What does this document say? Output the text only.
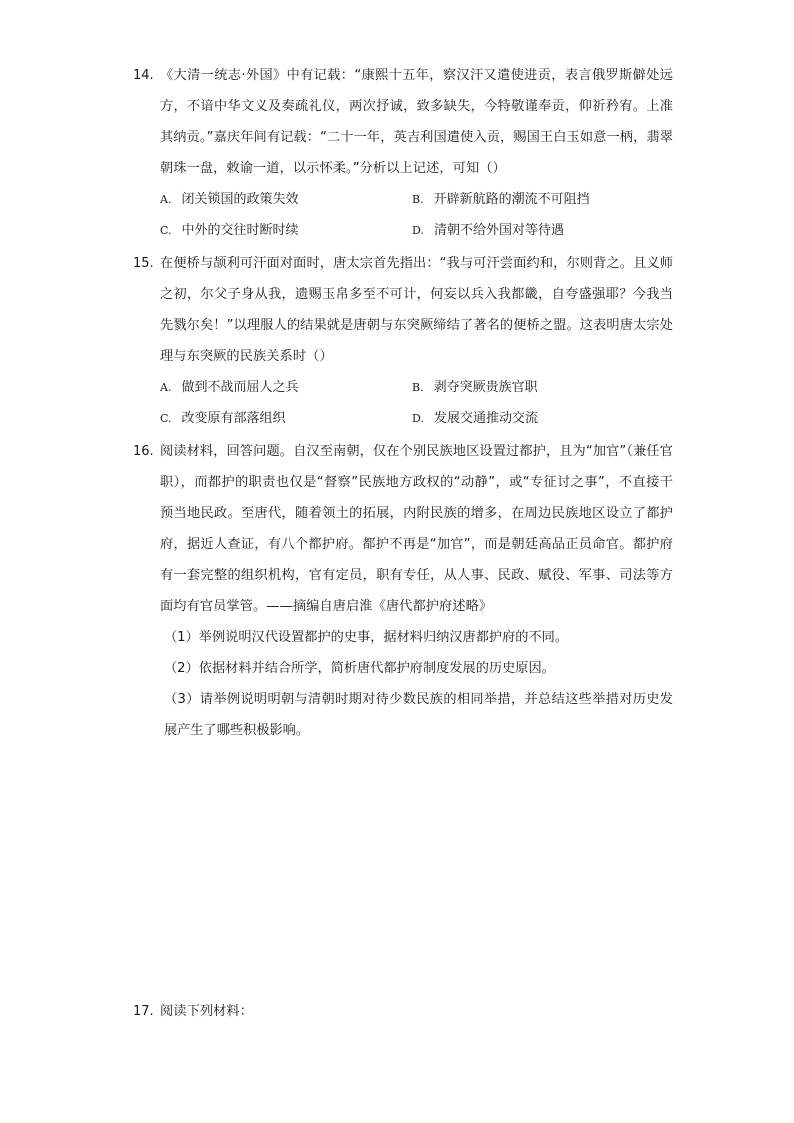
14. 《大清一统志·外国》中有记载：“康熙十五年，察汉汗又遣使进贡，表言俄罗斯僻处远方，不谙中华文义及奏疏礼仪，两次抒诚，致多缺失，今特敬谨奉贡，仰祈矜宥。上准其纳贡。”嘉庆年间有记载：“二十一年，英吉利国遣使入贡，赐国王白玉如意一柄，翡翠朝珠一盘，敕谕一道，以示怀柔。”分析以上记述，可知（）
A. 闭关锁国的政策失效	B. 开辟新航路的潮流不可阻挡
C. 中外的交往时断时续	D. 清朝不给外国对等待遇
15. 在便桥与颉利可汗面对面时，唐太宗首先指出：“我与可汗尝面约和，尔则背之。且义师之初，尔父子身从我，遗赐玉帛多至不可计，何妄以兵入我都畿，自夸盛强耶？今我当先戮尔矣！”以理服人的结果就是唐朝与东突厥缔结了著名的便桥之盟。这表明唐太宗处理与东突厥的民族关系时（）
A. 做到不战而屈人之兵	B. 剥夺突厥贵族官职
C. 改变原有部落组织	D. 发展交通推动交流
16. 阅读材料，回答问题。自汉至南朝，仅在个别民族地区设置过都护，且为“加官”（兼任官职），而都护的职责也仅是“督察”民族地方政权的“动静”，或“专征讨之事”，不直接干预当地民政。至唐代，随着领土的拓展，内附民族的增多，在周边民族地区设立了都护府，据近人查证，有八个都护府。都护不再是“加官”，而是朝廷高品正员命官。都护府有一套完整的组织机构，官有定员，职有专任，从人事、民政、赋役、军事、司法等方面均有官员掌管。——摘编自唐启淮《唐代都护府述略》
（1）举例说明汉代设置都护的史事，据材料归纳汉唐都护府的不同。
（2）依据材料并结合所学，简析唐代都护府制度发展的历史原因。
（3）请举例说明明朝与清朝时期对待少数民族的相同举措，并总结这些举措对历史发展产生了哪些积极影响。
17. 阅读下列材料：
